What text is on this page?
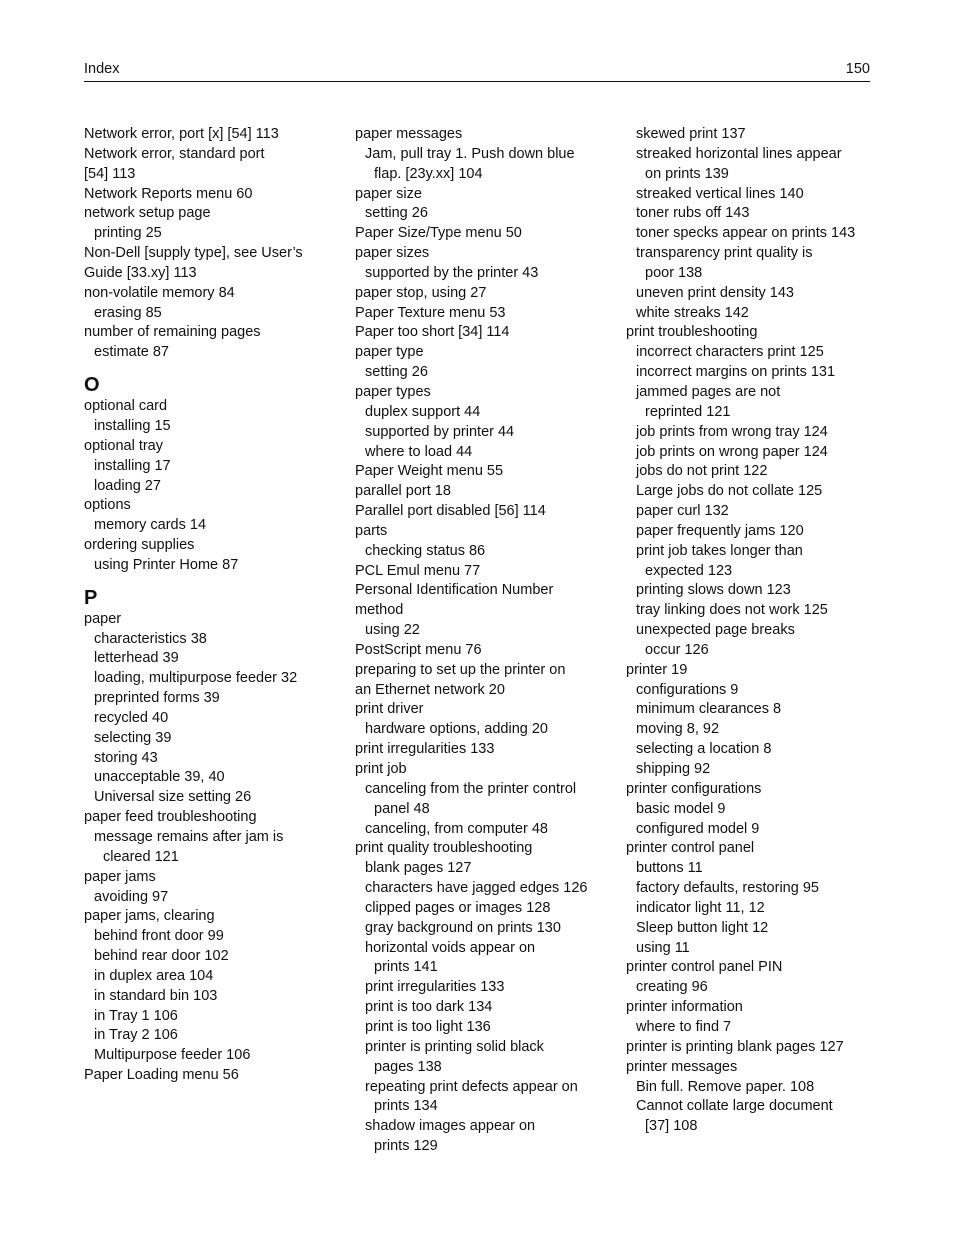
Index	150
Network error, port [x] [54] 113
Network error, standard port
[54] 113
Network Reports menu 60
network setup page
printing 25
Non-Dell [supply type], see User’s
Guide [33.xy] 113
non-volatile memory 84
erasing 85
number of remaining pages
estimate 87
O
optional card
installing 15
optional tray
installing 17
loading 27
options
memory cards 14
ordering supplies
using Printer Home 87
P
paper
characteristics 38
letterhead 39
loading, multipurpose feeder 32
preprinted forms 39
recycled 40
selecting 39
storing 43
unacceptable 39, 40
Universal size setting 26
paper feed troubleshooting
message remains after jam is
cleared 121
paper jams
avoiding 97
paper jams, clearing
behind front door 99
behind rear door 102
in duplex area 104
in standard bin 103
in Tray 1 106
in Tray 2 106
Multipurpose feeder 106
Paper Loading menu 56
paper messages
Jam, pull tray 1. Push down blue
flap. [23y.xx] 104
paper size
setting 26
Paper Size/Type menu 50
paper sizes
supported by the printer 43
paper stop, using 27
Paper Texture menu 53
Paper too short [34] 114
paper type
setting 26
paper types
duplex support 44
supported by printer 44
where to load 44
Paper Weight menu 55
parallel port 18
Parallel port disabled [56] 114
parts
checking status 86
PCL Emul menu 77
Personal Identification Number
method
using 22
PostScript menu 76
preparing to set up the printer on
an Ethernet network 20
print driver
hardware options, adding 20
print irregularities 133
print job
canceling from the printer control
panel 48
canceling, from computer 48
print quality troubleshooting
blank pages 127
characters have jagged edges 126
clipped pages or images 128
gray background on prints 130
horizontal voids appear on
prints 141
print irregularities 133
print is too dark 134
print is too light 136
printer is printing solid black
pages 138
repeating print defects appear on
prints 134
shadow images appear on
prints 129
skewed print 137
streaked horizontal lines appear
on prints 139
streaked vertical lines 140
toner rubs off 143
toner specks appear on prints 143
transparency print quality is
poor 138
uneven print density 143
white streaks 142
print troubleshooting
incorrect characters print 125
incorrect margins on prints 131
jammed pages are not
reprinted 121
job prints from wrong tray 124
job prints on wrong paper 124
jobs do not print 122
Large jobs do not collate 125
paper curl 132
paper frequently jams 120
print job takes longer than
expected 123
printing slows down 123
tray linking does not work 125
unexpected page breaks
occur 126
printer 19
configurations 9
minimum clearances 8
moving 8, 92
selecting a location 8
shipping 92
printer configurations
basic model 9
configured model 9
printer control panel
buttons 11
factory defaults, restoring 95
indicator light 11, 12
Sleep button light 12
using 11
printer control panel PIN
creating 96
printer information
where to find 7
printer is printing blank pages 127
printer messages
Bin full. Remove paper. 108
Cannot collate large document
[37] 108
